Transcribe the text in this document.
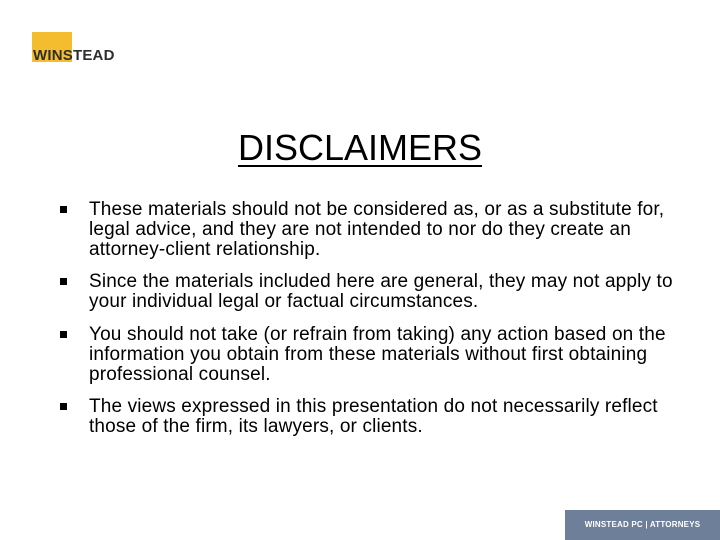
WINSTEAD
DISCLAIMERS
These materials should not be considered as, or as a substitute for, legal advice, and they are not intended to nor do they create an attorney-client relationship.
Since the materials included here are general, they may not apply to your individual legal or factual circumstances.
You should not take (or refrain from taking) any action based on the information you obtain from these materials without first obtaining professional counsel.
The views expressed in this presentation do not necessarily reflect those of the firm, its lawyers, or clients.
WINSTEAD PC | ATTORNEYS
